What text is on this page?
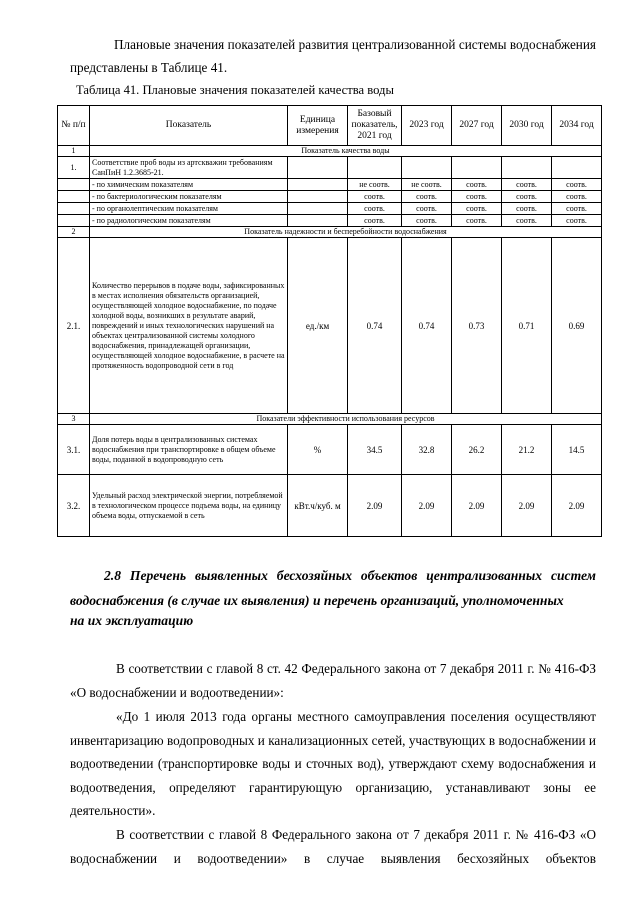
Плановые значения показателей развития централизованной системы водоснабжения представлены в Таблице 41.
Таблица 41. Плановые значения показателей качества воды
№ п/п	Показатель	Единица измерения	Базовый показатель, 2021 год	2023 год	2027 год	2030 год	2034 год
1	Показатель качества воды						
1.	Соответствие проб воды из артскважин требованиям СанПиН 1.2.3685-21.						
	- по химическим показателям		не соотв.	не соотв.	соотв.	соотв.	соотв.
	- по бактериологическим показателям		соотв.	соотв.	соотв.	соотв.	соотв.
	- по органолептическим показателям		соотв.	соотв.	соотв.	соотв.	соотв.
	- по радиологическим показателям		соотв.	соотв.	соотв.	соотв.	соотв.
2	Показатель надежности и бесперебойности водоснабжения						
2.1.	Количество перерывов в подаче воды, зафиксированных в местах исполнения обязательств организацией, осуществляющей холодное водоснабжение, по подаче холодной воды, возникших в результате аварий, повреждений и иных технологических нарушений на объектах централизованной системы холодного водоснабжения, принадлежащей организации, осуществляющей холодное водоснабжение, в расчете на протяженность водопроводной сети в год	ед./км	0.74	0.74	0.73	0.71	0.69
3	Показатели эффективности использования ресурсов						
3.1.	Доля потерь воды в централизованных системах водоснабжения при транспортировке в общем объеме воды, поданной в водопроводную сеть	%	34.5	32.8	26.2	21.2	14.5
3.2.	Удельный расход электрической энергии, потребляемой в технологическом процессе подъема воды, на единицу объема воды, отпускаемой в сеть	кВт.ч/куб. м	2.09	2.09	2.09	2.09	2.09
2.8 Перечень выявленных бесхозяйных объектов централизованных систем водоснабжения (в случае их выявления) и перечень организаций, уполномоченных
на их эксплуатацию
В соответствии с главой 8 ст. 42 Федерального закона от 7 декабря 2011 г. № 416-ФЗ «О водоснабжении и водоотведении»:
«До 1 июля 2013 года органы местного самоуправления поселения осуществляют инвентаризацию водопроводных и канализационных сетей, участвующих в водоснабжении и водоотведении (транспортировке воды и сточных вод), утверждают схему водоснабжения и водоотведения, определяют гарантирующую организацию, устанавливают зоны ее деятельности».
В соответствии с главой 8 Федерального закона от 7 декабря 2011 г. № 416-ФЗ «О водоснабжении и водоотведении» в случае выявления бесхозяйных объектов
